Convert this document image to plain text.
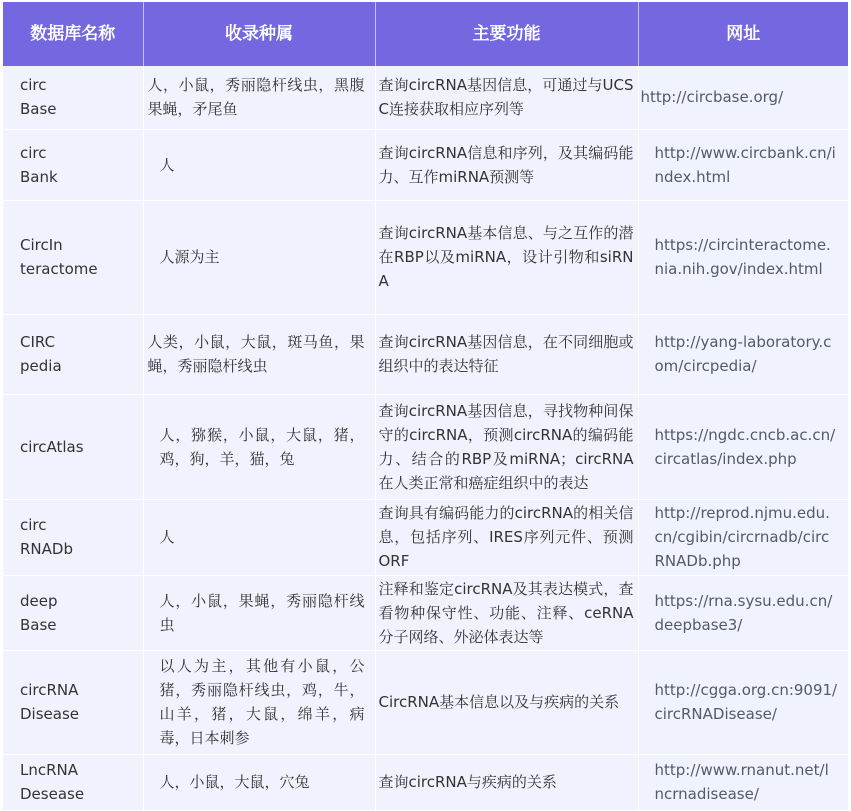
数据库名称	收录种属	主要功能	网址
circ
Base	人，小鼠，秀丽隐杆线虫，黑腹果蝇，矛尾鱼	查询circRNA基因信息，可通过与UCSC连接获取相应序列等	http://circbase.org/
circ
Bank	人	查询circRNA信息和序列，及其编码能力、互作miRNA预测等	http://www.circbank.cn/index.html
CircIn
teractome	人源为主	查询circRNA基本信息、与之互作的潜在RBP以及miRNA，设计引物和siRNA	https://circinteractome.nia.nih.gov/index.html
CIRC
pedia	人类，小鼠，大鼠，斑马鱼，果蝇，秀丽隐杆线虫	查询circRNA基因信息，在不同细胞或组织中的表达特征	http://yang-laboratory.com/circpedia/
circAtlas	人，猕猴，小鼠，大鼠，猪，鸡，狗，羊，猫，兔	查询circRNA基因信息，寻找物种间保守的circRNA，预测circRNA的编码能力、结合的RBP及miRNA；circRNA在人类正常和癌症组织中的表达	https://ngdc.cncb.ac.cn/circatlas/index.php
circ
RNADb	人	查询具有编码能力的circRNA的相关信息，包括序列、IRES序列元件、预测ORF	http://reprod.njmu.edu.cn/cgibin/circrnadb/circRNADb.php
deep
Base	人，小鼠，果蝇，秀丽隐杆线虫	注释和鉴定circRNA及其表达模式，查看物种保守性、功能、注释、ceRNA分子网络、外泌体表达等	https://rna.sysu.edu.cn/deepbase3/
circRNA
Disease	以人为主，其他有小鼠，公猪，秀丽隐杆线虫，鸡，牛，山羊，猪，大鼠，绵羊，病毒，日本刺参	CircRNA基本信息以及与疾病的关系	http://cgga.org.cn:9091/circRNADisease/
LncRNA
Desease	人，小鼠，大鼠，穴兔	查询circRNA与疾病的关系	http://www.rnanut.net/lncrnadisease/
